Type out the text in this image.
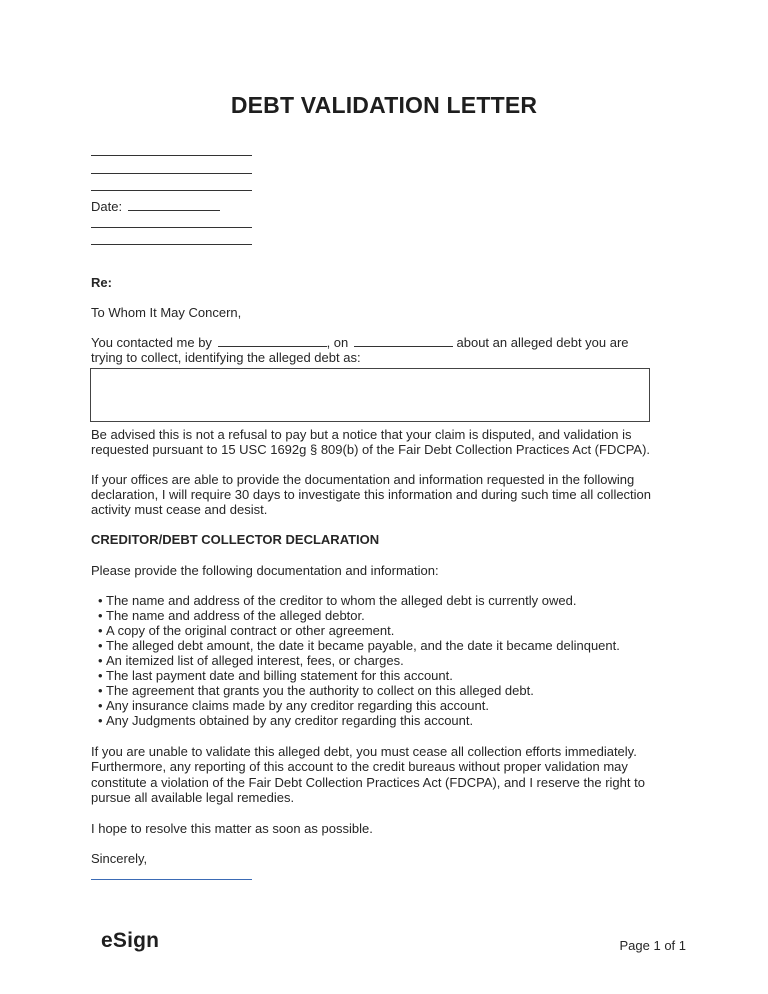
DEBT VALIDATION LETTER
Date:
Re:
To Whom It May Concern,
You contacted me by	, on	about an alleged debt you are
trying to collect, identifying the alleged debt as:
Be advised this is not a refusal to pay but a notice that your claim is disputed, and validation is
requested pursuant to 15 USC 1692g § 809(b) of the Fair Debt Collection Practices Act (FDCPA).
If your offices are able to provide the documentation and information requested in the following
declaration, I will require 30 days to investigate this information and during such time all collection
activity must cease and desist.
CREDITOR/DEBT COLLECTOR DECLARATION
Please provide the following documentation and information:
• The name and address of the creditor to whom the alleged debt is currently owed.
• The name and address of the alleged debtor.
• A copy of the original contract or other agreement.
• The alleged debt amount, the date it became payable, and the date it became delinquent.
• An itemized list of alleged interest, fees, or charges.
• The last payment date and billing statement for this account.
• The agreement that grants you the authority to collect on this alleged debt.
• Any insurance claims made by any creditor regarding this account.
• Any Judgments obtained by any creditor regarding this account.
If you are unable to validate this alleged debt, you must cease all collection efforts immediately.
Furthermore, any reporting of this account to the credit bureaus without proper validation may
constitute a violation of the Fair Debt Collection Practices Act (FDCPA), and I reserve the right to
pursue all available legal remedies.
I hope to resolve this matter as soon as possible.
Sincerely,
eSign	Page 1 of 1
